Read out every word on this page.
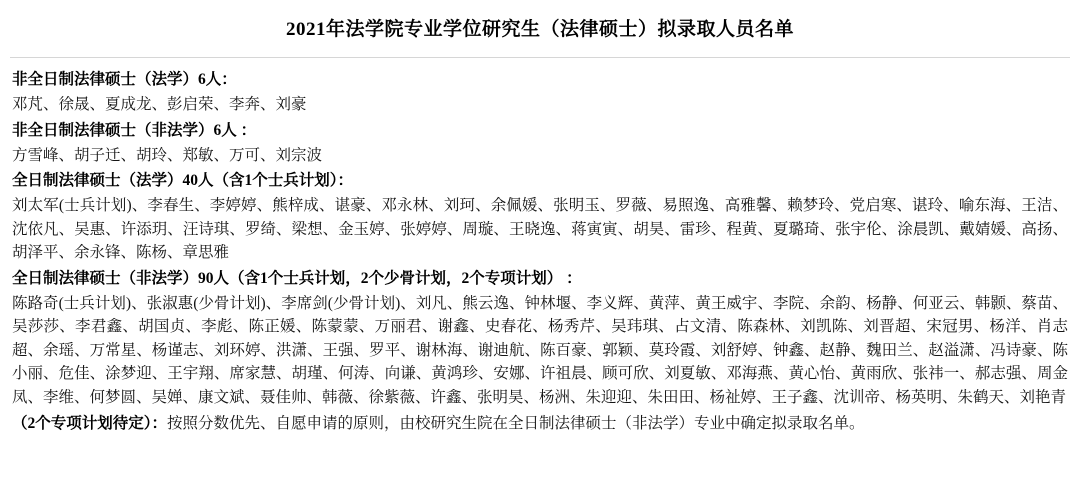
2021年法学院专业学位研究生（法律硕士）拟录取人员名单
非全日制法律硕士（法学）6人：
邓芃、徐晟、夏成龙、彭启荣、李奔、刘豪
非全日制法律硕士（非法学）6人 ：
方雪峰、胡子迁、胡玲、郑敏、万可、刘宗波
全日制法律硕士（法学）40人（含1个士兵计划）：
刘太军(士兵计划)、李春生、李婷婷、熊梓成、谌豪、邓永林、刘珂、余佩媛、张明玉、罗薇、易照逸、高雅馨、赖梦玲、党启寒、谌玲、喻东海、王洁、沈依凡、吴惠、许添玥、汪诗琪、罗绮、梁想、金玉婷、张婷婷、周璇、王晓逸、蒋寅寅、胡昊、雷珍、程黄、夏璐琦、张宇伦、涂晨凯、戴婧媛、高扬、胡泽平、余永锋、陈杨、章思雅
全日制法律硕士（非法学）90人（含1个士兵计划，2个少骨计划，2个专项计划） ：
陈路奇(士兵计划)、张淑惠(少骨计划)、李席剑(少骨计划)、刘凡、熊云逸、钟林堰、李义辉、黄萍、黄王威宇、李院、余韵、杨静、何亚云、韩颢、蔡苗、吴莎莎、李君鑫、胡国贞、李彪、陈正媛、陈蒙蒙、万丽君、谢鑫、史春花、杨秀芹、吴玮琪、占文清、陈森林、刘凯陈、刘晋超、宋冠男、杨洋、肖志超、余瑶、万常星、杨谨志、刘环婷、洪潇、王强、罗平、谢林海、谢迪航、陈百豪、郭颖、莫玲霞、刘舒婷、钟鑫、赵静、魏田兰、赵溢潇、冯诗豪、陈小丽、危佳、涂梦迎、王宇翔、席家慧、胡瑾、何涛、向谦、黄鸿珍、安娜、许祖晨、顾可欣、刘夏敏、邓海燕、黄心怡、黄雨欣、张祎一、郝志强、周金凤、李维、何梦圆、吴婵、康文斌、聂佳帅、韩薇、徐紫薇、许鑫、张明昊、杨洲、朱迎迎、朱田田、杨祉婷、王子鑫、沈训帝、杨英明、朱鹤天、刘艳青
（2个专项计划待定）：按照分数优先、自愿申请的原则，由校研究生院在全日制法律硕士（非法学）专业中确定拟录取名单。
